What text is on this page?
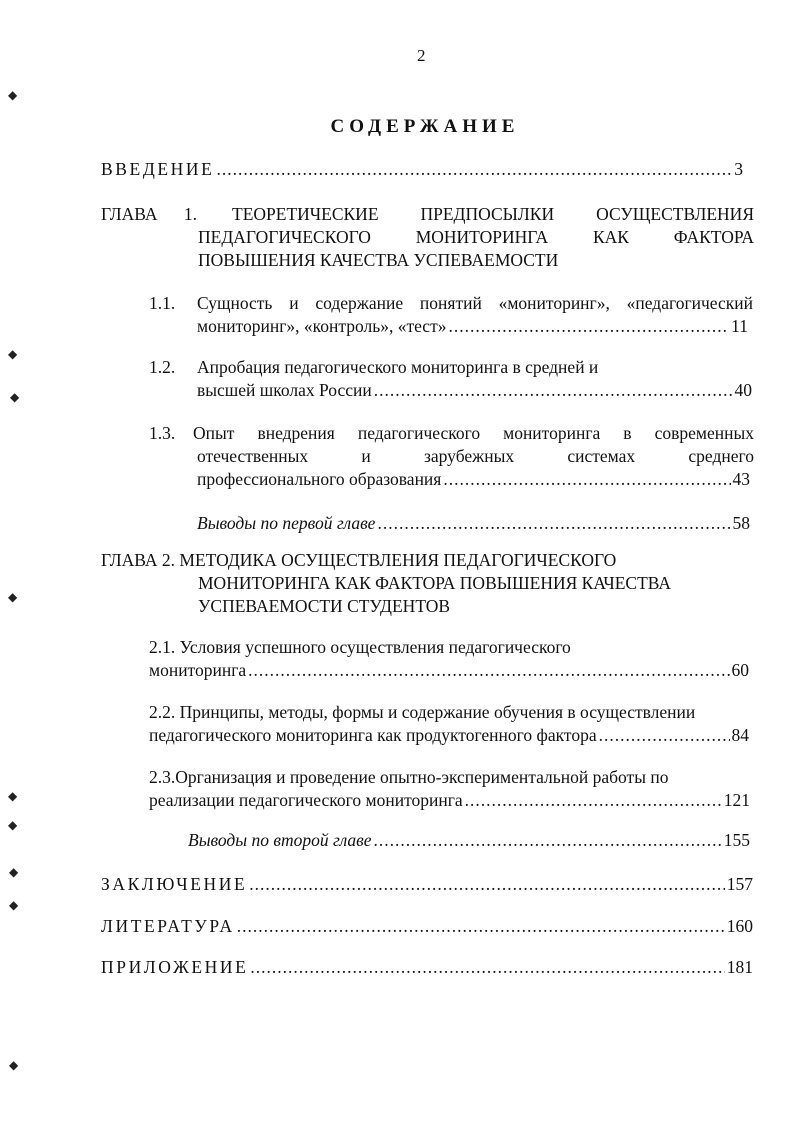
2
СОДЕРЖАНИЕ
ВВЕДЕНИЕ .....	3
ГЛАВА 1. ТЕОРЕТИЧЕСКИЕ ПРЕДПОСЫЛКИ ОСУЩЕСТВЛЕНИЯ
ПЕДАГОГИЧЕСКОГО МОНИТОРИНГА КАК ФАКТОРА
ПОВЫШЕНИЯ КАЧЕСТВА УСПЕВАЕМОСТИ
1.1. Сущность и содержание понятий «мониторинг», «педагогический
мониторинг», «контроль», «тест» .....	11
1.2. Апробация педагогического мониторинга в средней и
высшей школах России .....	40
1.3. Опыт внедрения педагогического мониторинга в современных
отечественных и зарубежных системах среднего
профессионального образования .....	43
Выводы по первой главе .....	58
ГЛАВА 2. МЕТОДИКА ОСУЩЕСТВЛЕНИЯ ПЕДАГОГИЧЕСКОГО
МОНИТОРИНГА КАК ФАКТОРА ПОВЫШЕНИЯ КАЧЕСТВА
УСПЕВАЕМОСТИ СТУДЕНТОВ
2.1. Условия успешного осуществления педагогического
мониторинга .....	60
2.2. Принципы, методы, формы и содержание обучения в осуществлении
педагогического мониторинга как продуктогенного фактора .....	84
2.3.Организация и проведение опытно-экспериментальной работы по
реализации педагогического мониторинга .....	121
Выводы по второй главе .....	155
ЗАКЛЮЧЕНИЕ .....	157
ЛИТЕРАТУРА .....	160
ПРИЛОЖЕНИЕ .....	181
◆
◆
◆
◆
◆
◆
◆
◆
◆
